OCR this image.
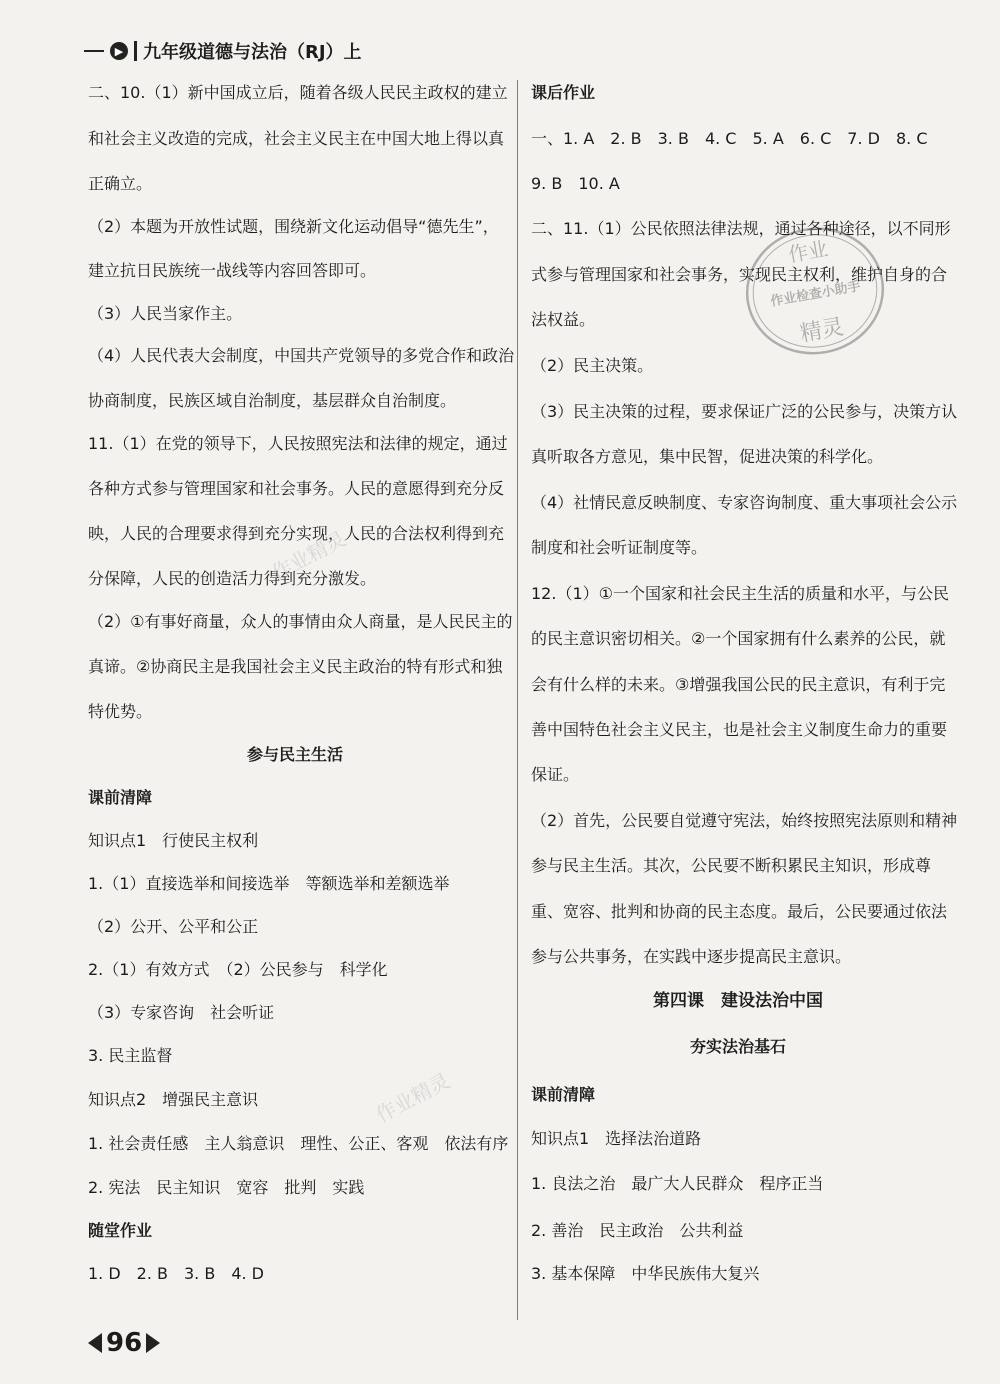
▶ 九年级道德与法治（RJ）上
二、10.（1）新中国成立后，随着各级人民民主政权的建立
和社会主义改造的完成，社会主义民主在中国大地上得以真
正确立。
（2）本题为开放性试题，围绕新文化运动倡导“德先生”，
建立抗日民族统一战线等内容回答即可。
（3）人民当家作主。
（4）人民代表大会制度，中国共产党领导的多党合作和政治
协商制度，民族区域自治制度，基层群众自治制度。
11.（1）在党的领导下，人民按照宪法和法律的规定，通过
各种方式参与管理国家和社会事务。人民的意愿得到充分反
映，人民的合理要求得到充分实现，人民的合法权利得到充
分保障，人民的创造活力得到充分激发。
（2）①有事好商量，众人的事情由众人商量，是人民民主的
真谛。②协商民主是我国社会主义民主政治的特有形式和独
特优势。
参与民主生活
课前清障
知识点1　行使民主权利
1.（1）直接选举和间接选举　等额选举和差额选举
（2）公开、公平和公正
2.（1）有效方式　（2）公民参与　科学化
（3）专家咨询　社会听证
3. 民主监督
知识点2　增强民主意识
1. 社会责任感　主人翁意识　理性、公正、客观　依法有序
2. 宪法　民主知识　宽容　批判　实践
随堂作业
1. D　2. B　3. B　4. D
课后作业
一、1. A　2. B　3. B　4. C　5. A　6. C　7. D　8. C
9. B　10. A
二、11.（1）公民依照法律法规，通过各种途径，以不同形
式参与管理国家和社会事务，实现民主权利，维护自身的合
法权益。
（2）民主决策。
（3）民主决策的过程，要求保证广泛的公民参与，决策方认
真听取各方意见，集中民智，促进决策的科学化。
（4）社情民意反映制度、专家咨询制度、重大事项社会公示
制度和社会听证制度等。
12.（1）①一个国家和社会民主生活的质量和水平，与公民
的民主意识密切相关。②一个国家拥有什么素养的公民，就
会有什么样的未来。③增强我国公民的民主意识，有利于完
善中国特色社会主义民主，也是社会主义制度生命力的重要
保证。
（2）首先，公民要自觉遵守宪法，始终按照宪法原则和精神
参与民主生活。其次，公民要不断积累民主知识，形成尊
重、宽容、批判和协商的民主态度。最后，公民要通过依法
参与公共事务，在实践中逐步提高民主意识。
第四课　建设法治中国
夯实法治基石
课前清障
知识点1　选择法治道路
1. 良法之治　最广大人民群众　程序正当
2. 善治　民主政治　公共利益
3. 基本保障　中华民族伟大复兴
作业
作业检查小助手
精灵
作业精灵
作业精灵
96
